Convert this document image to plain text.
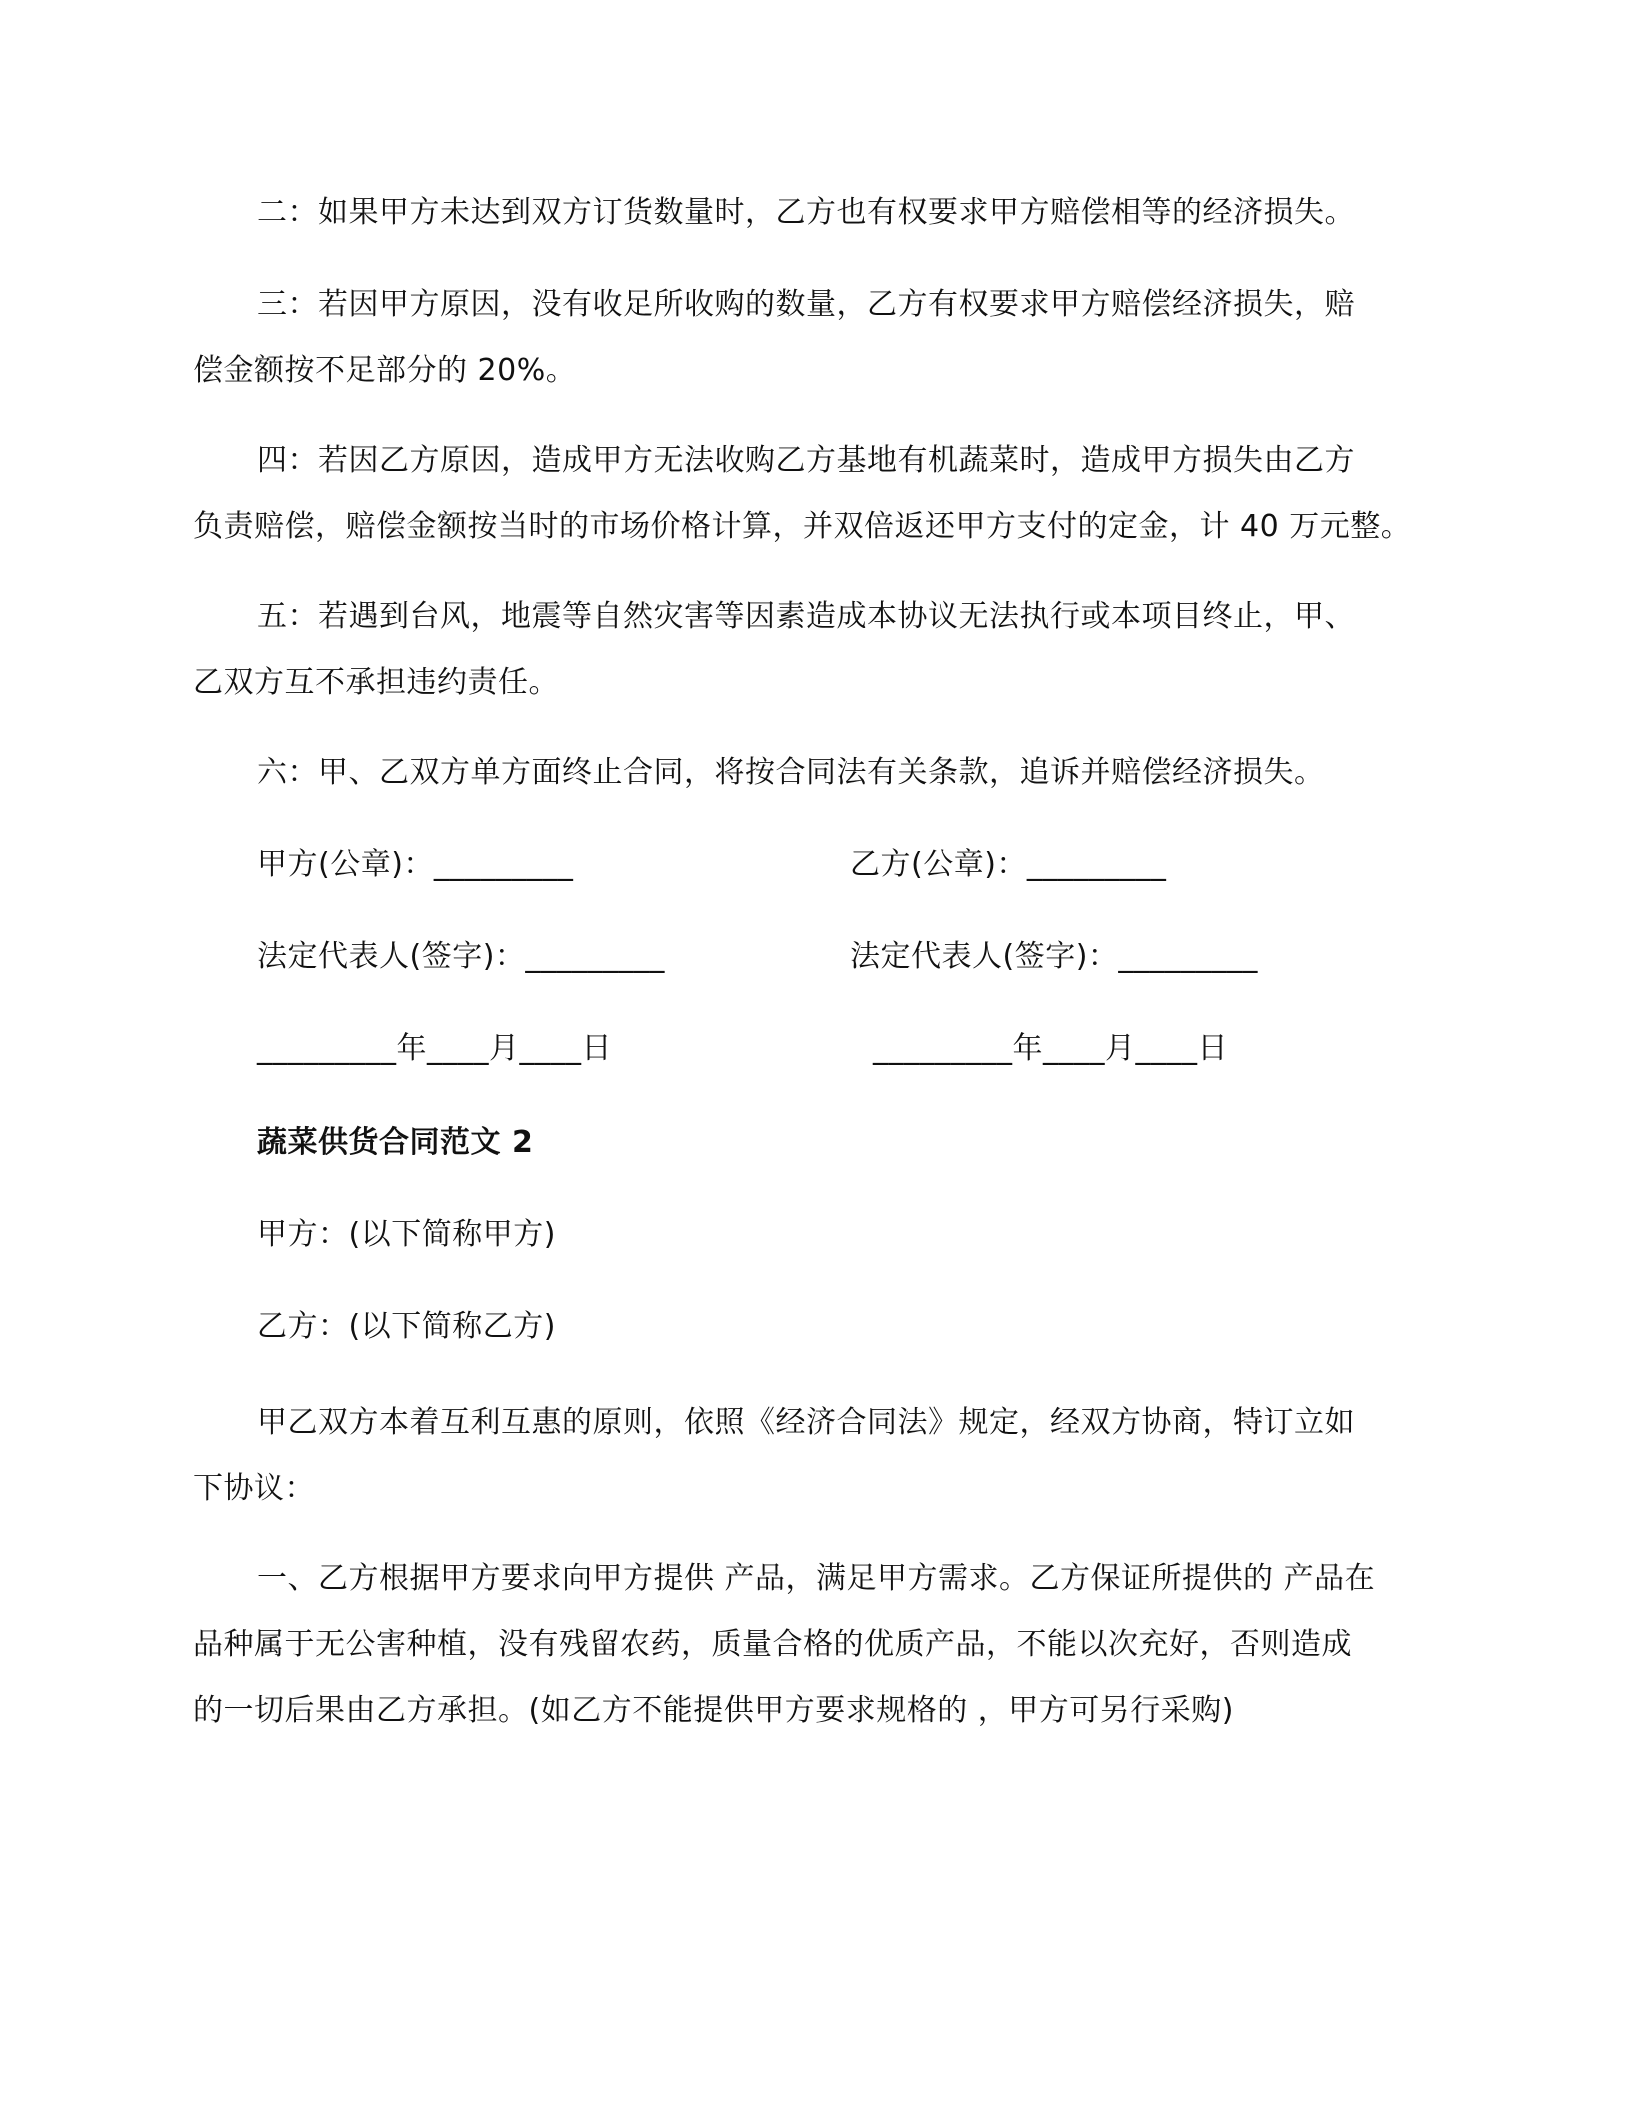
二：如果甲方未达到双方订货数量时，乙方也有权要求甲方赔偿相等的经济损失。
三：若因甲方原因，没有收足所收购的数量，乙方有权要求甲方赔偿经济损失，赔
偿金额按不足部分的 20%。
四：若因乙方原因，造成甲方无法收购乙方基地有机蔬菜时，造成甲方损失由乙方
负责赔偿，赔偿金额按当时的市场价格计算，并双倍返还甲方支付的定金，计 40 万元整。
五：若遇到台风，地震等自然灾害等因素造成本协议无法执行或本项目终止，甲、
乙双方互不承担违约责任。
六：甲、乙双方单方面终止合同，将按合同法有关条款，追诉并赔偿经济损失。
甲方(公章)：_________	乙方(公章)：_________
法定代表人(签字)：_________	法定代表人(签字)：_________
_________年____月____日	_________年____月____日
蔬菜供货合同范文 2
甲方：(以下简称甲方)
乙方：(以下简称乙方)
甲乙双方本着互利互惠的原则，依照《经济合同法》规定，经双方协商，特订立如
下协议：
一、乙方根据甲方要求向甲方提供 产品，满足甲方需求。乙方保证所提供的 产品在
品种属于无公害种植，没有残留农药，质量合格的优质产品，不能以次充好，否则造成
的一切后果由乙方承担。(如乙方不能提供甲方要求规格的 ，甲方可另行采购)
